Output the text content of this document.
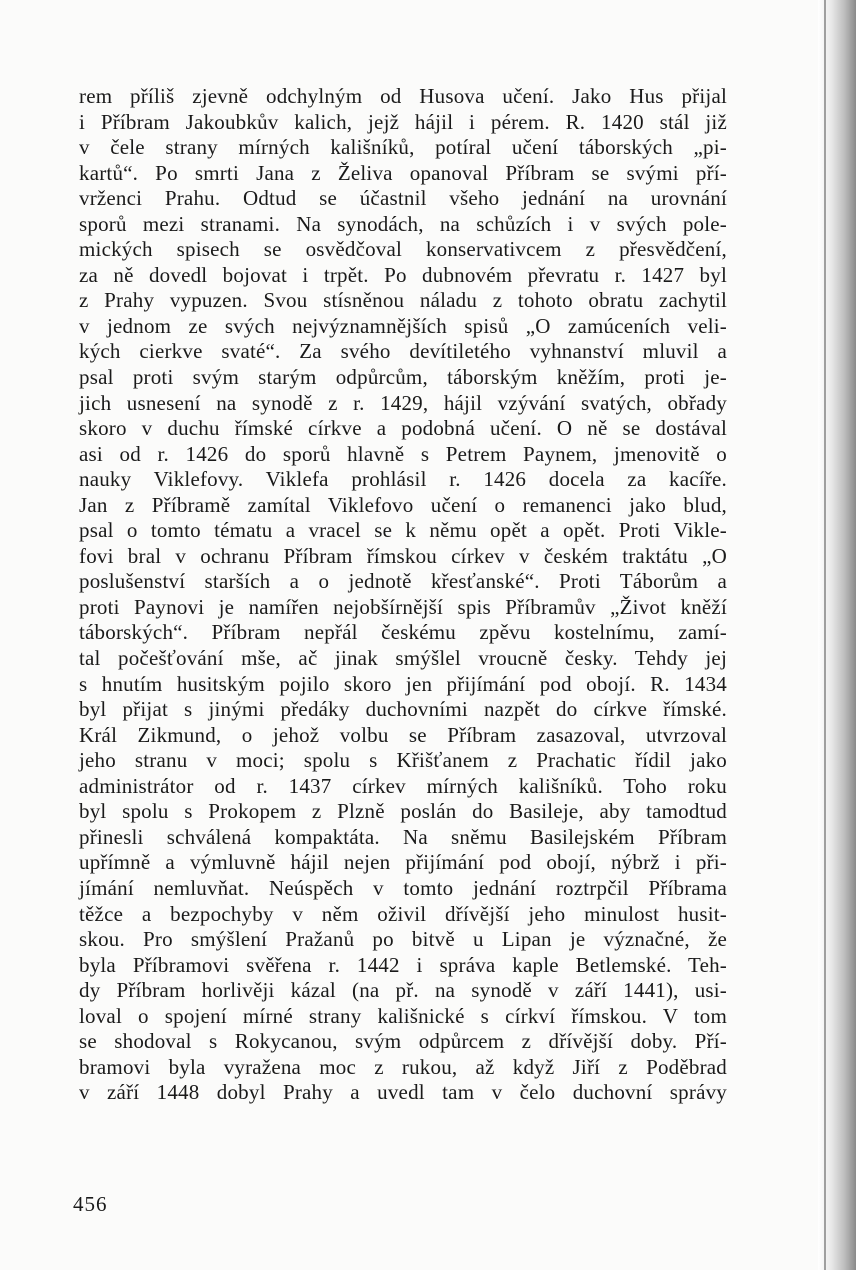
rem příliš zjevně odchylným od Husova učení. Jako Hus přijal
i Příbram Jakoubkův kalich, jejž hájil i pérem. R. 1420 stál již
v čele strany mírných kališníků, potíral učení táborských „pi-
kartů“. Po smrti Jana z Želiva opanoval Příbram se svými pří-
vrženci Prahu. Odtud se účastnil všeho jednání na urovnání
sporů mezi stranami. Na synodách, na schůzích i v svých pole-
mických spisech se osvědčoval konservativcem z přesvědčení,
za ně dovedl bojovat i trpět. Po dubnovém převratu r. 1427 byl
z Prahy vypuzen. Svou stísněnou náladu z tohoto obratu zachytil
v jednom ze svých nejvýznamnějších spisů „O zamúceních veli-
kých cierkve svaté“. Za svého devítiletého vyhnanství mluvil a
psal proti svým starým odpůrcům, táborským kněžím, proti je-
jich usnesení na synodě z r. 1429, hájil vzývání svatých, obřady
skoro v duchu římské církve a podobná učení. O ně se dostával
asi od r. 1426 do sporů hlavně s Petrem Paynem, jmenovitě o
nauky Viklefovy. Viklefa prohlásil r. 1426 docela za kacíře.
Jan z Příbramě zamítal Viklefovo učení o remanenci jako blud,
psal o tomto tématu a vracel se k němu opět a opět. Proti Vikle-
fovi bral v ochranu Příbram římskou církev v českém traktátu „O
poslušenství starších a o jednotě křesťanské“. Proti Táborům a
proti Paynovi je namířen nejobšírnější spis Příbramův „Život kněží
táborských“. Příbram nepřál českému zpěvu kostelnímu, zamí-
tal počešťování mše, ač jinak smýšlel vroucně česky. Tehdy jej
s hnutím husitským pojilo skoro jen přijímání pod obojí. R. 1434
byl přijat s jinými předáky duchovními nazpět do církve římské.
Král Zikmund, o jehož volbu se Příbram zasazoval, utvrzoval
jeho stranu v moci; spolu s Křišťanem z Prachatic řídil jako
administrátor od r. 1437 církev mírných kališníků. Toho roku
byl spolu s Prokopem z Plzně poslán do Basileje, aby tamodtud
přinesli schválená kompaktáta. Na sněmu Basilejském Příbram
upřímně a výmluvně hájil nejen přijímání pod obojí, nýbrž i při-
jímání nemluvňat. Neúspěch v tomto jednání roztrpčil Příbrama
těžce a bezpochyby v něm oživil dřívější jeho minulost husit-
skou. Pro smýšlení Pražanů po bitvě u Lipan je význačné, že
byla Příbramovi svěřena r. 1442 i správa kaple Betlemské. Teh-
dy Příbram horlivěji kázal (na př. na synodě v září 1441), usi-
loval o spojení mírné strany kališnické s církví římskou. V tom
se shodoval s Rokycanou, svým odpůrcem z dřívější doby. Pří-
bramovi byla vyražena moc z rukou, až když Jiří z Poděbrad
v září 1448 dobyl Prahy a uvedl tam v čelo duchovní správy
456
